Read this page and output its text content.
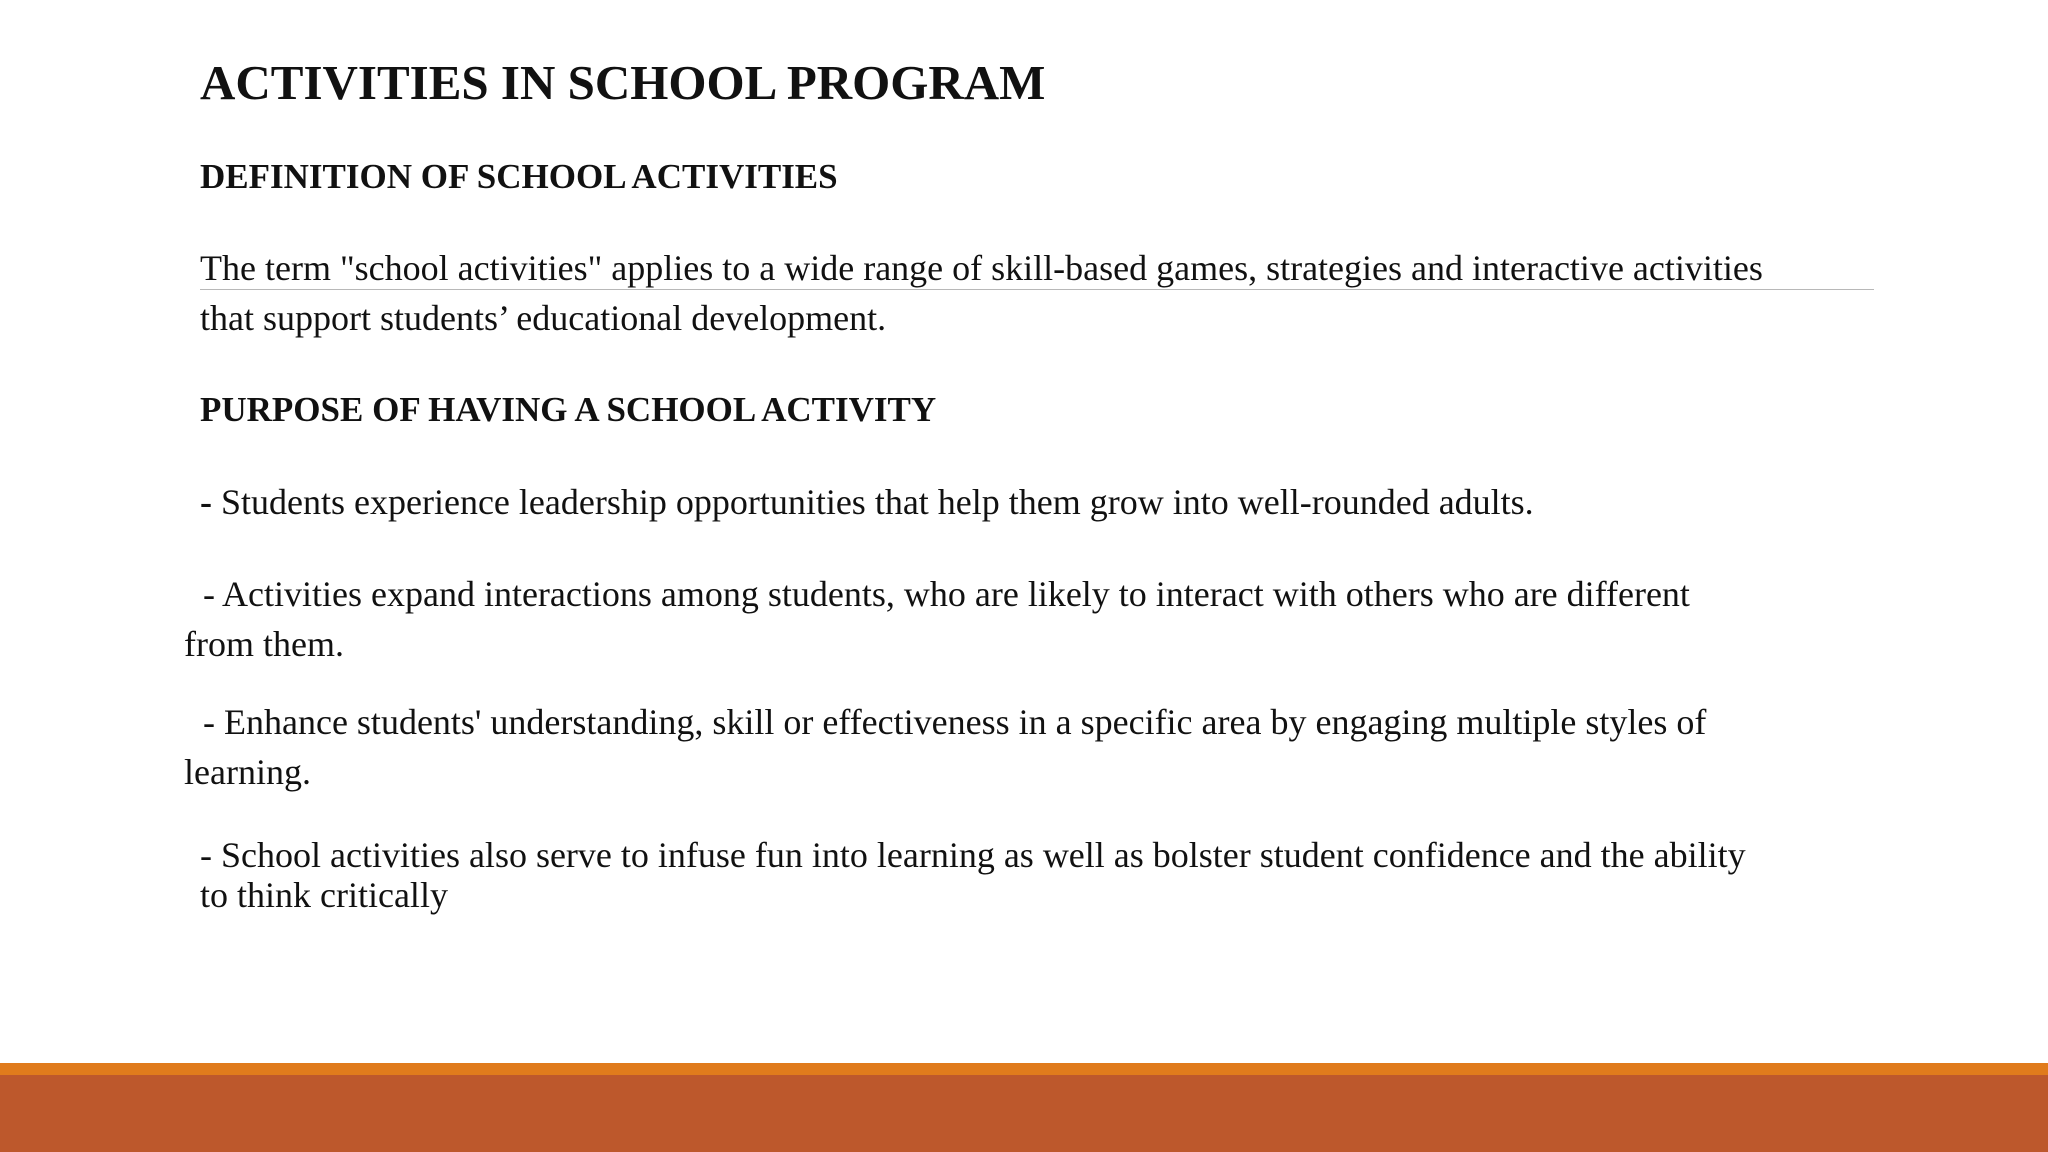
ACTIVITIES IN SCHOOL PROGRAM
DEFINITION OF SCHOOL ACTIVITIES

The term "school activities" applies to a wide range of skill-based games, strategies and interactive activities
that support students’ educational development.

PURPOSE OF HAVING A SCHOOL ACTIVITY

- Students experience leadership opportunities that help them grow into well-rounded adults.

- Activities expand interactions among students, who are likely to interact with others who are different
from them.

- Enhance students' understanding, skill or effectiveness in a specific area by engaging multiple styles of
learning.

- School activities also serve to infuse fun into learning as well as bolster student confidence and the ability
to think critically
